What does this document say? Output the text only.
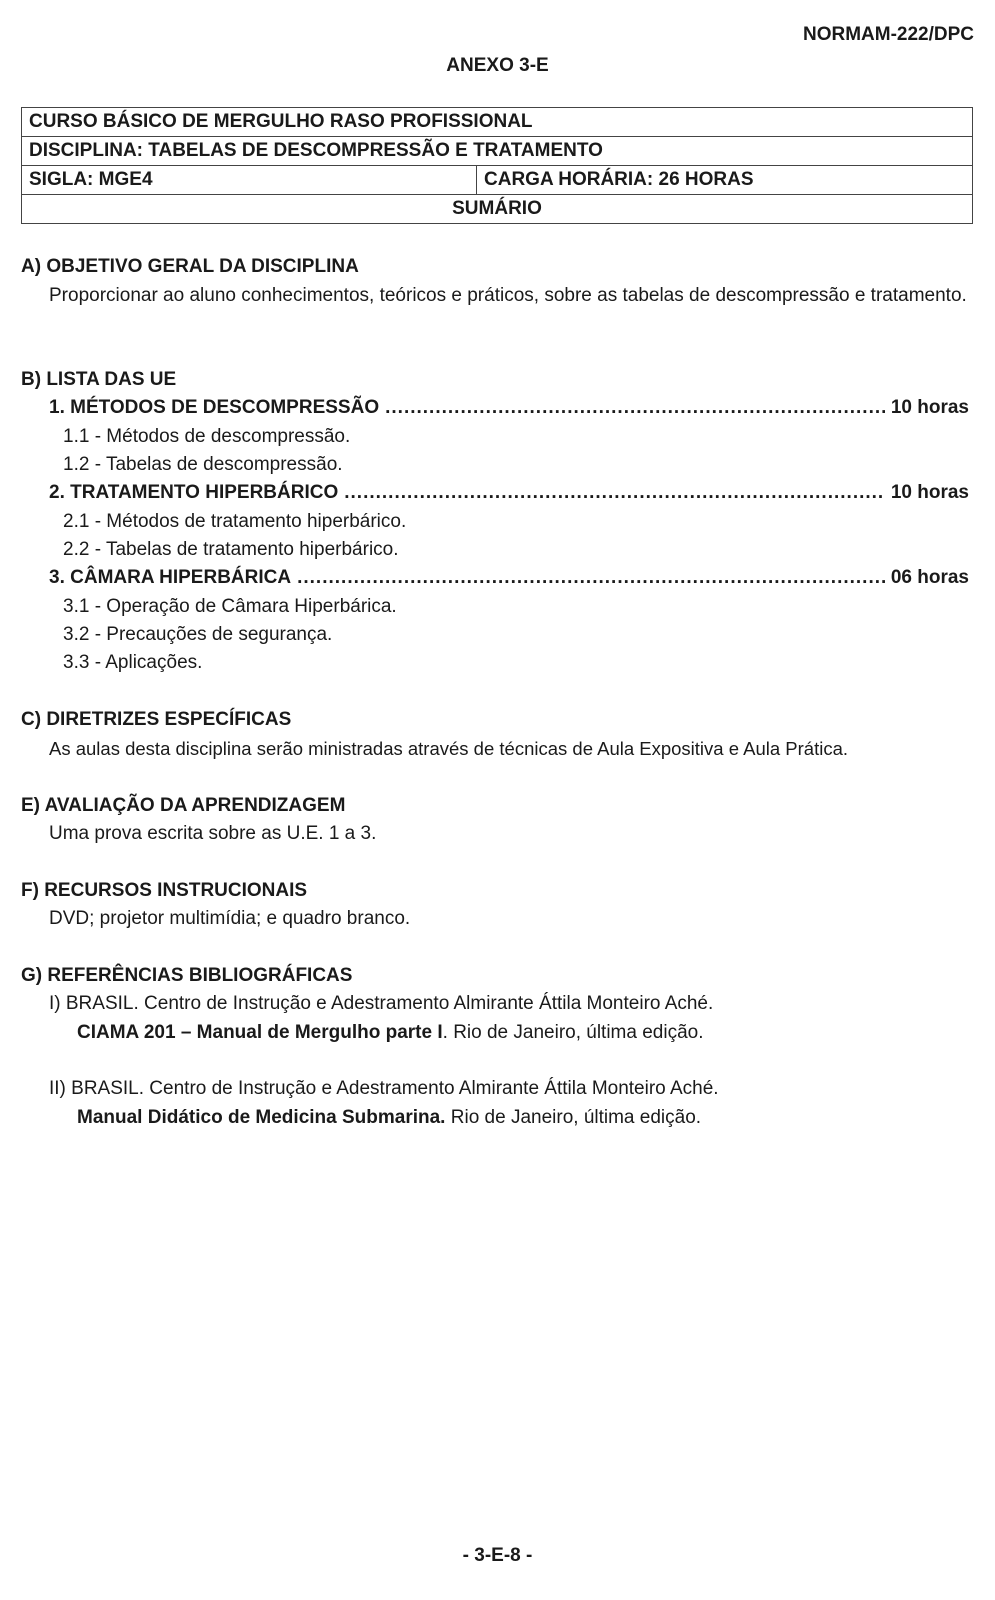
NORMAM-222/DPC
ANEXO 3-E
CURSO BÁSICO DE MERGULHO RASO PROFISSIONAL
DISCIPLINA: TABELAS DE DESCOMPRESSÃO E TRATAMENTO
SIGLA: MGE4	CARGA HORÁRIA: 26 HORAS
SUMÁRIO
A) OBJETIVO GERAL DA DISCIPLINA
Proporcionar ao aluno conhecimentos, teóricos e práticos, sobre as tabelas de descompressão e tratamento.
B) LISTA DAS UE
1. MÉTODOS DE DESCOMPRESSÃO .....	10 horas
1.1 - Métodos de descompressão.
1.2 - Tabelas de descompressão.
2. TRATAMENTO HIPERBÁRICO .....	10 horas
2.1 - Métodos de tratamento hiperbárico.
2.2 - Tabelas de tratamento hiperbárico.
3. CÂMARA HIPERBÁRICA .....	06 horas
3.1 - Operação de Câmara Hiperbárica.
3.2 - Precauções de segurança.
3.3 - Aplicações.
C) DIRETRIZES ESPECÍFICAS
As aulas desta disciplina serão ministradas através de técnicas de Aula Expositiva e Aula Prática.
E) AVALIAÇÃO DA APRENDIZAGEM
Uma prova escrita sobre as U.E. 1 a 3.
F) RECURSOS INSTRUCIONAIS
DVD; projetor multimídia; e quadro branco.
G) REFERÊNCIAS BIBLIOGRÁFICAS
I) BRASIL. Centro de Instrução e Adestramento Almirante Áttila Monteiro Aché.
CIAMA 201 – Manual de Mergulho parte I. Rio de Janeiro, última edição.
II) BRASIL. Centro de Instrução e Adestramento Almirante Áttila Monteiro Aché.
Manual Didático de Medicina Submarina. Rio de Janeiro, última edição.
- 3-E-8 -
